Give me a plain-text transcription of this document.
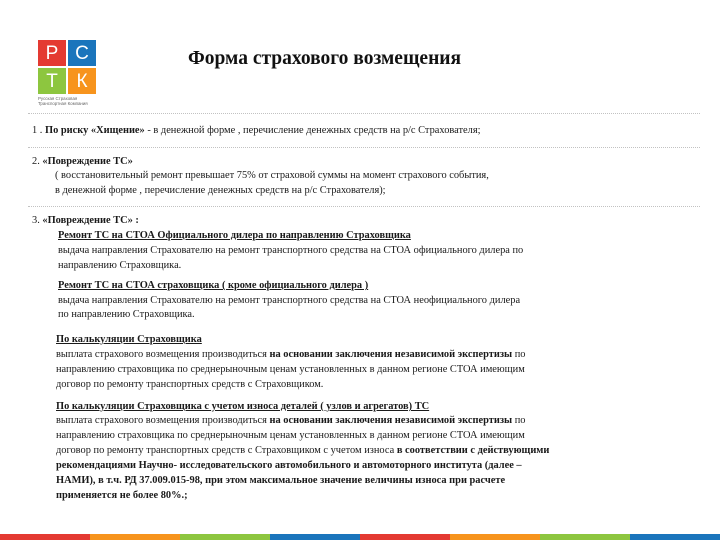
Р С
Т К
Русская Страховая
Транспортная Компания
Форма страхового возмещения

1 . По риску «Хищение» - в денежной форме , перечисление денежных средств на р/с Страхователя;

2. «Повреждение ТС»

( восстановительный ремонт превышает 75% от страховой суммы на момент страхового события,

в денежной форме , перечисление денежных средств на р/с Страхователя);

3. «Повреждение ТС» :

Ремонт ТС на СТОА Официального дилера по направлению Страховщика

выдача направления Страхователю на ремонт транспортного средства на СТОА официального дилера по

направлению Страховщика.

Ремонт ТС на СТОА страховщика ( кроме официального дилера )

выдача направления Страхователю на ремонт транспортного средства на СТОА неофициального дилера

по направлению Страховщика.

По калькуляции Страховщика

выплата страхового возмещения производиться на основании заключения независимой экспертизы по

направлению страховщика по среднерыночным ценам установленных в данном регионе СТОА имеющим

договор по ремонту транспортных средств с Страховщиком.

По калькуляции Страховщика с учетом износа деталей ( узлов и агрегатов) ТС

выплата страхового возмещения производиться на основании заключения независимой экспертизы по

направлению страховщика по среднерыночным ценам установленных в данном регионе СТОА имеющим

договор по ремонту транспортных средств с Страховщиком с учетом износа в соответствии с действующими

рекомендациями Научно- исследовательского автомобильного и автомоторного института (далее –

НАМИ), в т.ч. РД 37.009.015-98, при этом максимальное значение величины износа при расчете

применяется не более 80%.;
